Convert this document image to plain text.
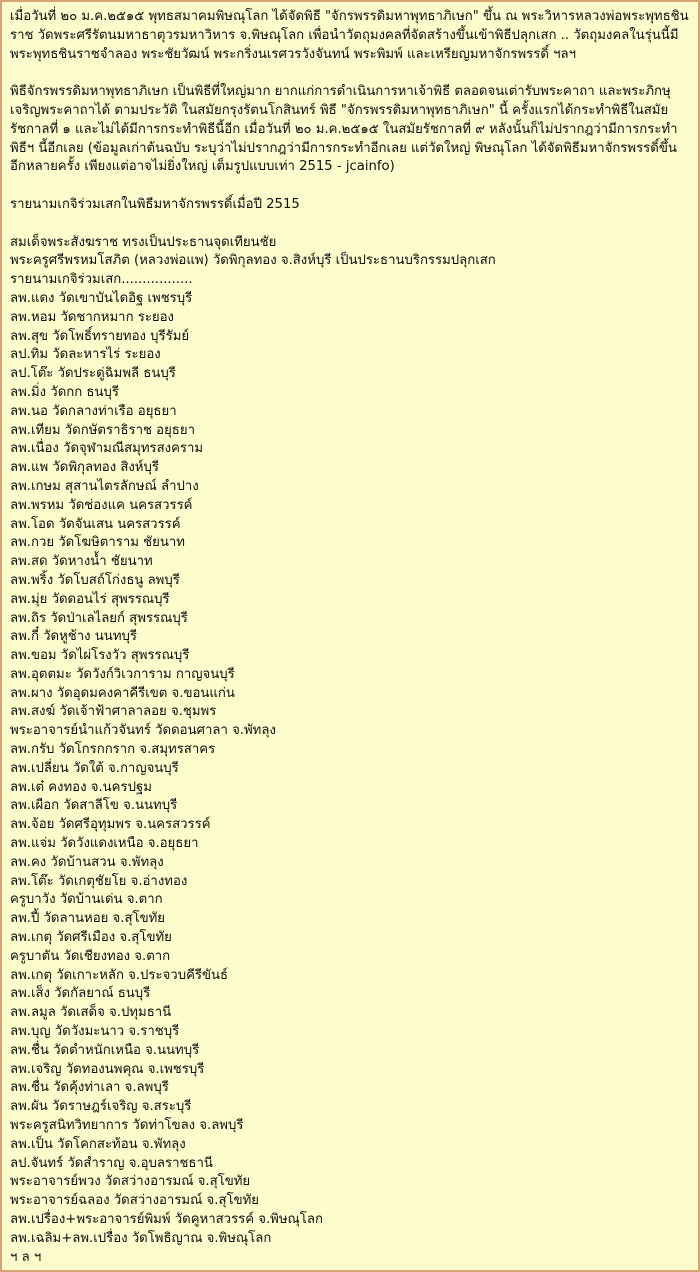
เมื่อวันที่ ๒๐ ม.ค.๒๕๑๕ พุทธสมาคมพิษณุโลก ได้จัดพิธี "จักรพรรดิมหาพุทธาภิเษก" ขึ้น ณ พระวิหารหลวงพ่อพระพุทธชินราช วัดพระศรีรัตนมหาธาตุวรมหาวิหาร จ.พิษณุโลก เพื่อนำวัตถุมงคลที่จัดสร้างขึ้นเข้าพิธีปลุกเสก .. วัตถุมงคลในรุ่นนี้มี พระพุทธชินราชจำลอง พระชัยวัฒน์ พระกริ่งนเรศวรวังจันทน์ พระพิมพ์ และเหรียญมหาจักรพรรดิ์ ฯลฯ

พิธีจักรพรรดิมหาพุทธาภิเษก เป็นพิธีที่ใหญ่มาก ยากแก่การดำเนินการหาเจ้าพิธี ตลอดจนเต่ารับพระคาถา และพระภิกษุเจริญพระคาถาได้ ตามประวัติ ในสมัยกรุงรัตนโกสินทร์ พิธี "จักรพรรดิมหาพุทธาภิเษก" นี้ ครั้งแรกได้กระทำพิธีในสมัยรัชกาลที่ ๑ และไม่ได้มีการกระทำพิธีนี้อีก เมื่อวันที่ ๒๐ ม.ค.๒๕๑๕ ในสมัยรัชกาลที่ ๙ หลังนั้นก็ไม่ปรากฎว่ามีการกระทำพิธีฯ นี้อีกเลย (ข้อมูลเก่าต้นฉบับ ระบุว่าไม่ปรากฎว่ามีการกระทำอีกเลย แต่วัดใหญ่ พิษณุโลก ได้จัดพิธีมหาจักรพรรดิ์ขึ้นอีกหลายครั้ง เพียงแต่อาจไม่ยิ่งใหญ่ เต็มรูปแบบเท่า 2515 - jcainfo)

รายนามเกจิร่วมเสกในพิธีมหาจักรพรรดิ์เมื่อปี 2515

สมเด็จพระสังฆราช ทรงเป็นประธานจุดเทียนชัย

พระครูศรีพรหมโสภิต (หลวงพ่อแพ) วัดพิกุลทอง จ.สิงห์บุรี เป็นประธานบริกรรมปลุกเสก

รายนามเกจิร่วมเสก.................

ลพ.แดง วัดเขาบันไดอิฐ เพชรบุรี

ลพ.หอม วัดชากหมาก ระยอง

ลพ.สุข วัดโพธิ์ทรายทอง บุรีรัมย์

ลป.ทิม วัดละหารไร่ ระยอง

ลป.โต๊ะ วัดประดู่ฉิมพลี ธนบุรี

ลพ.มิ่ง วัดกก ธนบุรี

ลพ.นอ วัดกลางท่าเรือ อยุธยา

ลพ.เทียม วัดกษัตราธิราช อยุธยา

ลพ.เนื่อง วัดจุฬามณีสมุทรสงคราม

ลพ.แพ วัดพิกุลทอง สิงห์บุรี

ลพ.เกษม สุสานไตรลักษณ์ ลำปาง

ลพ.พรหม วัดช่องแค นครสวรรค์

ลพ.โอด วัดจันเสน นครสวรรค์

ลพ.กวย วัดโฆษิตาราม ชัยนาท

ลพ.สด วัดหางน้ำ ชัยนาท

ลพ.พริ้ง วัดโบสถ์โก่งธนู ลพบุรี

ลพ.มุ่ย วัดดอนไร่ สุพรรณบุรี

ลพ.ถิร วัดป่าเลไลยก์ สุพรรณบุรี

ลพ.กี๋ วัดหูช้าง นนทบุรี

ลพ.ขอม วัดไผ่โรงวัว สุพรรณบุรี

ลพ.อุตตมะ วัดวังก์วิเวการาม กาญจนบุรี

ลพ.ผาง วัดอุดมคงคาคีรีเขต จ.ขอนแก่น

ลพ.สงฆ์ วัดเจ้าฟ้าศาลาลอย จ.ชุมพร

พระอาจารย์นำแก้วจันทร์ วัดดอนศาลา จ.พัทลุง

ลพ.กรับ วัดโกรกกราก จ.สมุทรสาคร

ลพ.เปลี่ยน วัดใต้ จ.กาญจนบุรี

ลพ.เต๋ คงทอง จ.นครปฐม

ลพ.เผือก วัดสาลีโข จ.นนทบุรี

ลพ.จ้อย วัดศรีอุทุมพร จ.นครสวรรค์

ลพ.แจ่ม วัดวังแดงเหนือ จ.อยุธยา

ลพ.คง วัดบ้านสวน จ.พัทลุง

ลพ.โต๊ะ วัดเกตุชัยโย จ.อ่างทอง

ครูบาวัง วัดบ้านเด่น จ.ตาก

ลพ.ปี้ วัดลานหอย จ.สุโขทัย

ลพ.เกตุ วัดศรีเมือง จ.สุโขทัย

ครูบาตัน วัดเชียงทอง จ.ตาก

ลพ.เกตุ วัดเกาะหลัก จ.ประจวบคีรีขันธ์

ลพ.เส็ง วัดกัลยาณ์ ธนบุรี

ลพ.ลมูล วัดเสด็จ จ.ปทุมธานี

ลพ.บุญ วัดวังมะนาว จ.ราชบุรี

ลพ.ชื่น วัดตำหนักเหนือ จ.นนทบุรี

ลพ.เจริญ วัดทองนพคุณ จ.เพชรบุรี

ลพ.ชื่น วัดคุ้งท่าเลา จ.ลพบุรี

ลพ.ผัน วัดราษฎร์เจริญ จ.สระบุรี

พระครูสนิทวิทยาการ วัดท่าโขลง จ.ลพบุรี

ลพ.เป็น วัดโคกสะท้อน จ.พัทลุง

ลป.จันทร์ วัดสำราญ จ.อุบลราชธานี

พระอาจารย์พวง วัดสว่างอารมณ์ จ.สุโขทัย

พระอาจารย์ฉลอง วัดสว่างอารมณ์ จ.สุโขทัย

ลพ.เปรื่อง+พระอาจารย์พิมพ์ วัดคูหาสวรรค์ จ.พิษณุโลก

ลพ.เฉลิม+ลพ.เปรื่อง วัดโพธิญาณ จ.พิษณุโลก

ฯ ล ฯ
